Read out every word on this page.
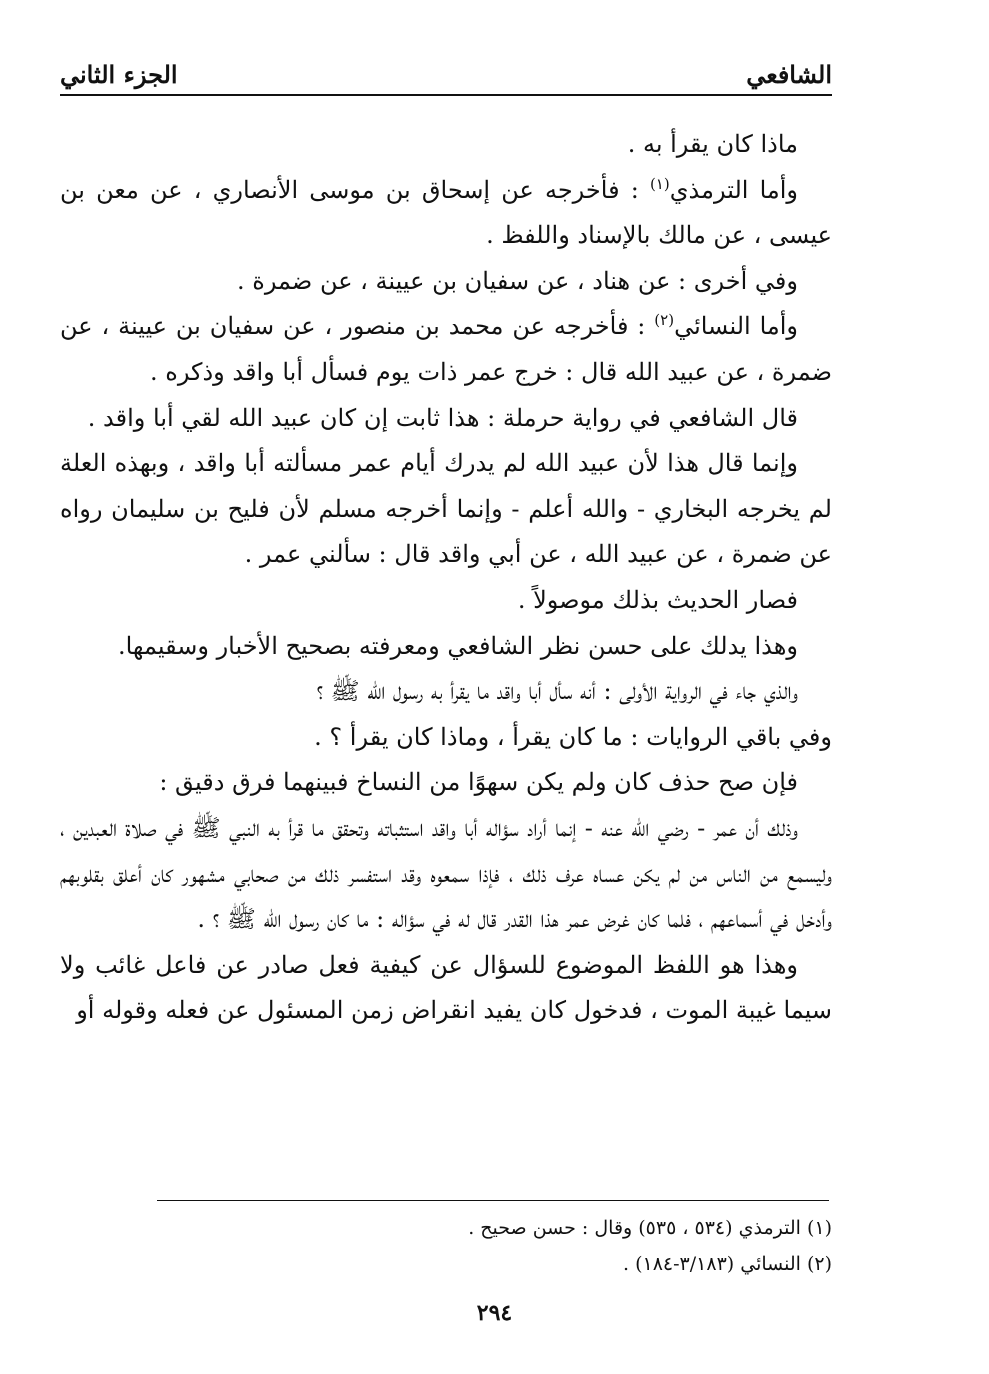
الشافعي
الجزء الثاني

ماذا كان يقرأ به .

وأما الترمذي$^{(١)}$ : فأخرجه عن إسحاق بن موسى الأنصاري ، عن معن بن عيسى ، عن مالك بالإسناد واللفظ .

وفي أخرى : عن هناد ، عن سفيان بن عيينة ، عن ضمرة .

وأما النسائي$^{(٢)}$ : فأخرجه عن محمد بن منصور ، عن سفيان بن عيينة ، عن ضمرة ، عن عبيد الله قال : خرج عمر ذات يوم فسأل أبا واقد وذكره .

قال الشافعي في رواية حرملة : هذا ثابت إن كان عبيد الله لقي أبا واقد .

وإنما قال هذا لأن عبيد الله لم يدرك أيام عمر مسألته أبا واقد ، وبهذه العلة لم يخرجه البخاري - والله أعلم - وإنما أخرجه مسلم لأن فليح بن سليمان رواه عن ضمرة ، عن عبيد الله ، عن أبي واقد قال : سألني عمر .

فصار الحديث بذلك موصولاً .

وهذا يدلك على حسن نظر الشافعي ومعرفته بصحيح الأخبار وسقيمها.

والذي جاء في الرواية الأولى : أنه سأل أبا واقد ما يقرأ به رسول الله ﷺ ؟

وفي باقي الروايات : ما كان يقرأ ، وماذا كان يقرأ ؟ .

فإن صح حذف كان ولم يكن سهوًا من النساخ فبينهما فرق دقيق :

وذلك أن عمر - رضي الله عنه - إنما أراد سؤاله أبا واقد استثباته وتحقق ما قرأ به النبي ﷺ في صلاة العبدين ، وليسمع من الناس من لم يكن عساه عرف ذلك ، فإذا سمعوه وقد استفسر ذلك من صحابي مشهور كان أعلق بقلوبهم وأدخل في أسماعهم ، فلما كان غرض عمر هذا القدر قال له في سؤاله : ما كان رسول الله ﷺ ؟ .

وهذا هو اللفظ الموضوع للسؤال عن كيفية فعل صادر عن فاعل غائب ولا سيما غيبة الموت ، فدخول كان يفيد انقراض زمن المسئول عن فعله وقوله أو

(١) الترمذي (٥٣٤ ، ٥٣٥) وقال : حسن صحيح .

(٢) النسائي (٣/١٨٣-١٨٤) .

٢٩٤
